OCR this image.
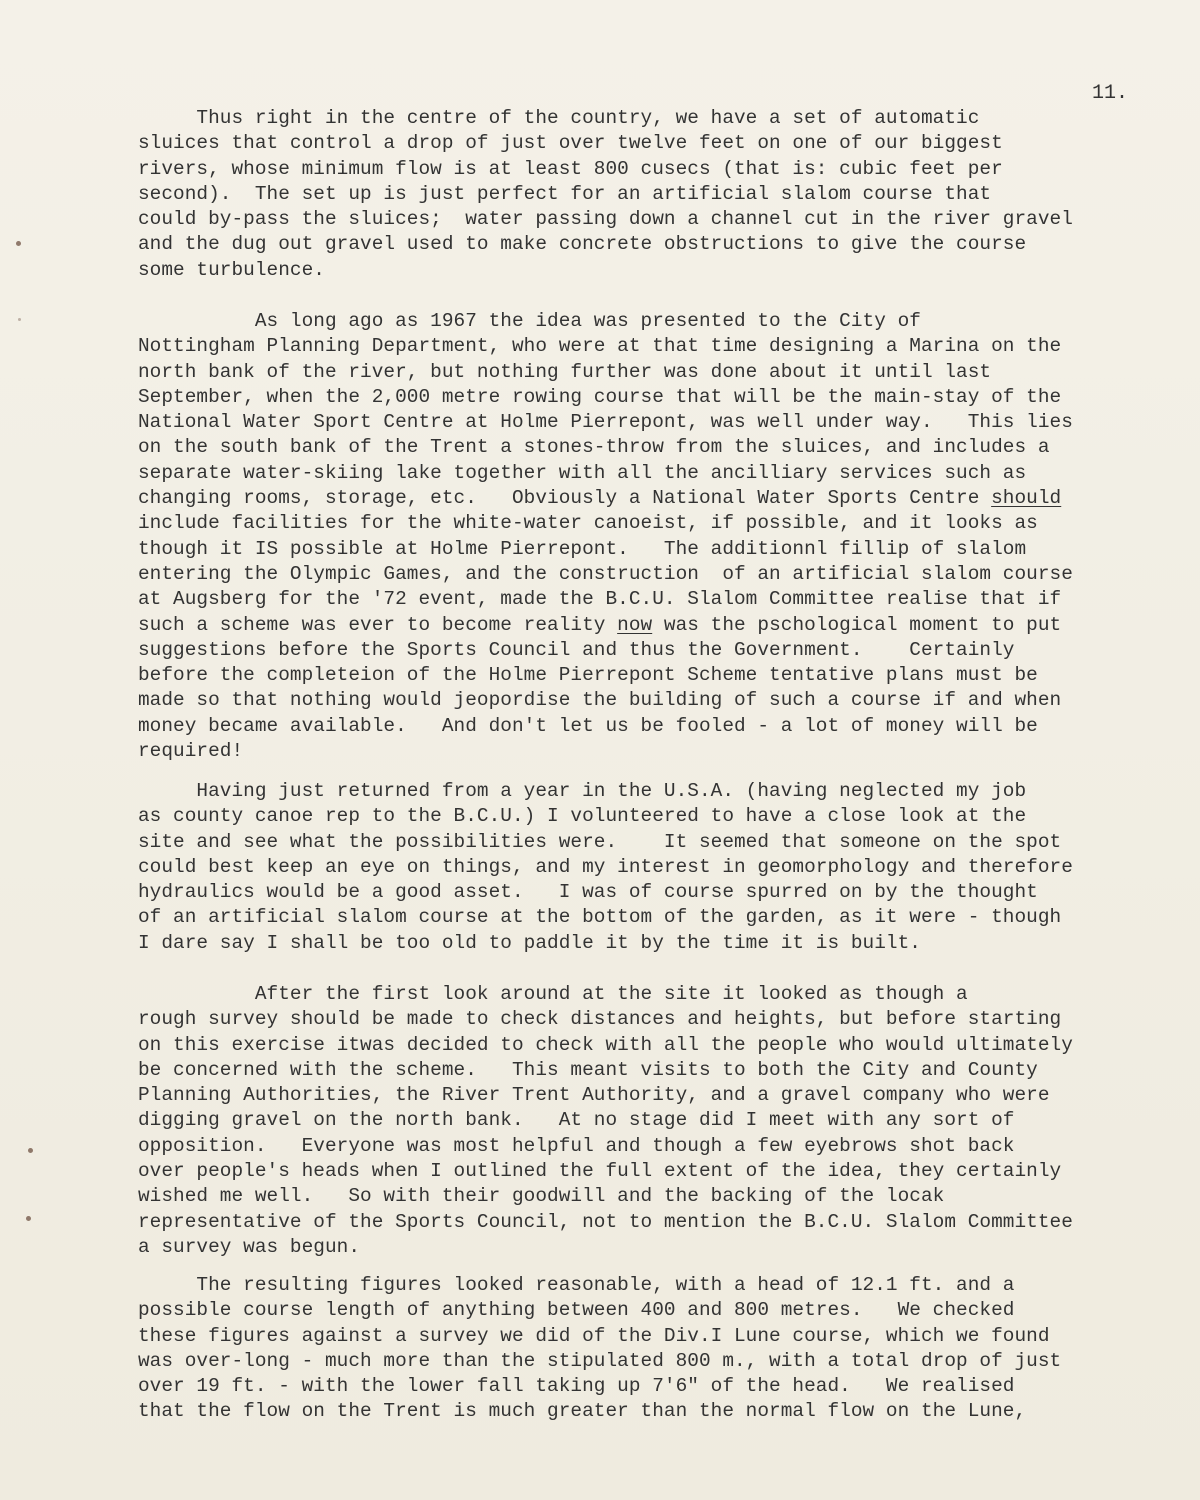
11.
Thus right in the centre of the country, we have a set of automatic
sluices that control a drop of just over twelve feet on one of our biggest
rivers, whose minimum flow is at least 800 cusecs (that is: cubic feet per
second).  The set up is just perfect for an artificial slalom course that
could by-pass the sluices;  water passing down a channel cut in the river gravel
and the dug out gravel used to make concrete obstructions to give the course
some turbulence.
As long ago as 1967 the idea was presented to the City of
Nottingham Planning Department, who were at that time designing a Marina on the
north bank of the river, but nothing further was done about it until last
September, when the 2,000 metre rowing course that will be the main-stay of the
National Water Sport Centre at Holme Pierrepont, was well under way.   This lies
on the south bank of the Trent a stones-throw from the sluices, and includes a
separate water-skiing lake together with all the ancilliary services such as
changing rooms, storage, etc.   Obviously a National Water Sports Centre should
include facilities for the white-water canoeist, if possible, and it looks as
though it IS possible at Holme Pierrepont.   The additionnl fillip of slalom
entering the Olympic Games, and the construction  of an artificial slalom course
at Augsberg for the '72 event, made the B.C.U. Slalom Committee realise that if
such a scheme was ever to become reality now was the pschological moment to put
suggestions before the Sports Council and thus the Government.    Certainly
before the completeion of the Holme Pierrepont Scheme tentative plans must be
made so that nothing would jeopordise the building of such a course if and when
money became available.   And don't let us be fooled - a lot of money will be
required!
Having just returned from a year in the U.S.A. (having neglected my job
as county canoe rep to the B.C.U.) I volunteered to have a close look at the
site and see what the possibilities were.    It seemed that someone on the spot
could best keep an eye on things, and my interest in geomorphology and therefore
hydraulics would be a good asset.   I was of course spurred on by the thought
of an artificial slalom course at the bottom of the garden, as it were - though
I dare say I shall be too old to paddle it by the time it is built.
After the first look around at the site it looked as though a
rough survey should be made to check distances and heights, but before starting
on this exercise itwas decided to check with all the people who would ultimately
be concerned with the scheme.   This meant visits to both the City and County
Planning Authorities, the River Trent Authority, and a gravel company who were
digging gravel on the north bank.   At no stage did I meet with any sort of
opposition.   Everyone was most helpful and though a few eyebrows shot back
over people's heads when I outlined the full extent of the idea, they certainly
wished me well.   So with their goodwill and the backing of the locak
representative of the Sports Council, not to mention the B.C.U. Slalom Committee
a survey was begun.
The resulting figures looked reasonable, with a head of 12.1 ft. and a
possible course length of anything between 400 and 800 metres.   We checked
these figures against a survey we did of the Div.I Lune course, which we found
was over-long - much more than the stipulated 800 m., with a total drop of just
over 19 ft. - with the lower fall taking up 7'6" of the head.   We realised
that the flow on the Trent is much greater than the normal flow on the Lune,
